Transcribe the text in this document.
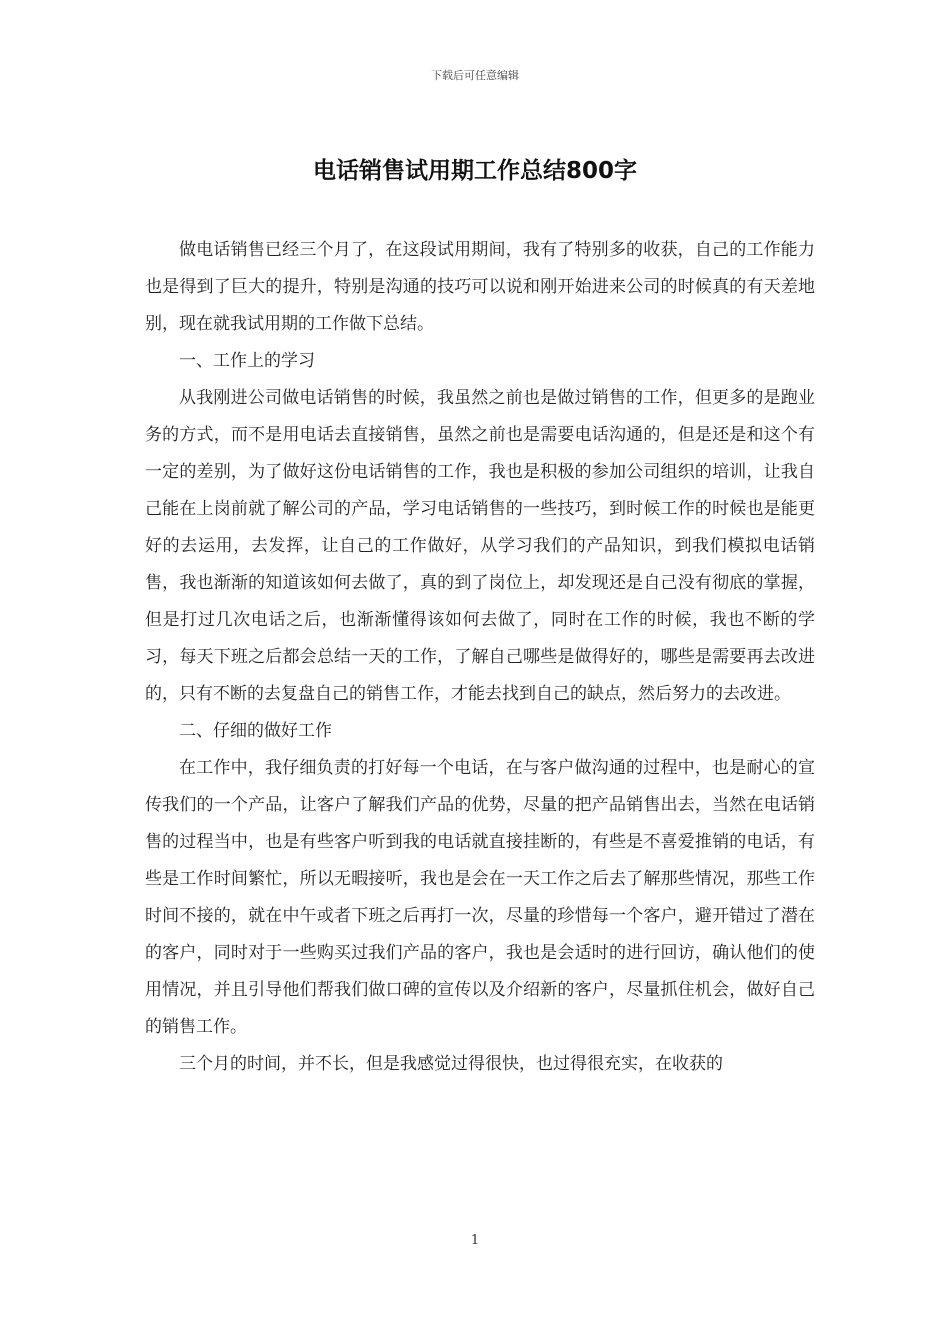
下载后可任意编辑
电话销售试用期工作总结800字

做电话销售已经三个月了，在这段试用期间，我有了特别多的收获，自己的工作能力也是得到了巨大的提升，特别是沟通的技巧可以说和刚开始进来公司的时候真的有天差地别，现在就我试用期的工作做下总结。

一、工作上的学习

从我刚进公司做电话销售的时候，我虽然之前也是做过销售的工作，但更多的是跑业务的方式，而不是用电话去直接销售，虽然之前也是需要电话沟通的，但是还是和这个有一定的差别，为了做好这份电话销售的工作，我也是积极的参加公司组织的培训，让我自己能在上岗前就了解公司的产品，学习电话销售的一些技巧，到时候工作的时候也是能更好的去运用，去发挥，让自己的工作做好，从学习我们的产品知识，到我们模拟电话销售，我也渐渐的知道该如何去做了，真的到了岗位上，却发现还是自己没有彻底的掌握，但是打过几次电话之后，也渐渐懂得该如何去做了，同时在工作的时候，我也不断的学习，每天下班之后都会总结一天的工作，了解自己哪些是做得好的，哪些是需要再去改进的，只有不断的去复盘自己的销售工作，才能去找到自己的缺点，然后努力的去改进。

二、仔细的做好工作

在工作中，我仔细负责的打好每一个电话，在与客户做沟通的过程中，也是耐心的宣传我们的一个产品，让客户了解我们产品的优势，尽量的把产品销售出去，当然在电话销售的过程当中，也是有些客户听到我的电话就直接挂断的，有些是不喜爱推销的电话，有些是工作时间繁忙，所以无暇接听，我也是会在一天工作之后去了解那些情况，那些工作时间不接的，就在中午或者下班之后再打一次，尽量的珍惜每一个客户，避开错过了潜在的客户，同时对于一些购买过我们产品的客户，我也是会适时的进行回访，确认他们的使用情况，并且引导他们帮我们做口碑的宣传以及介绍新的客户，尽量抓住机会，做好自己的销售工作。

三个月的时间，并不长，但是我感觉过得很快，也过得很充实，在收获的

1
